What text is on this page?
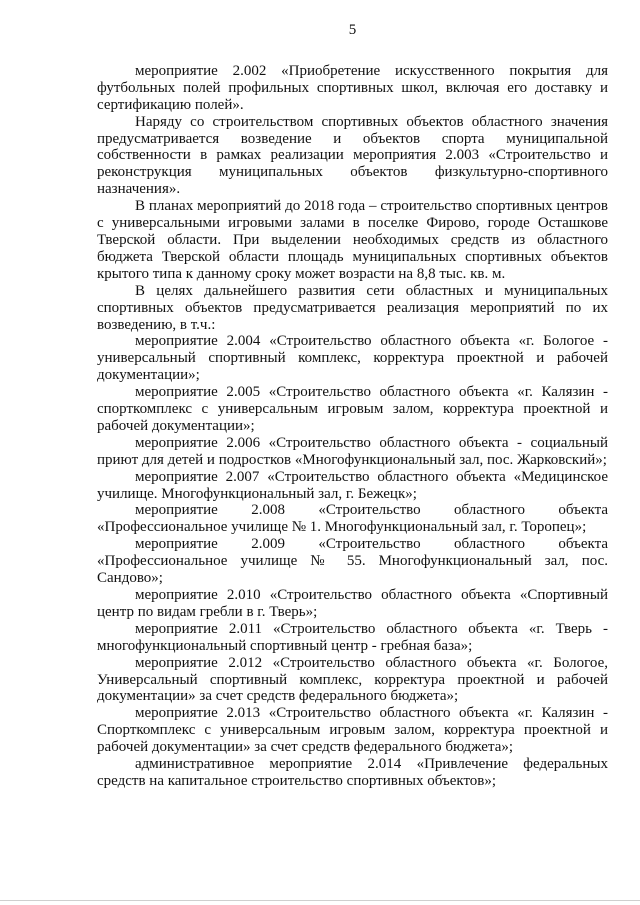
5

мероприятие 2.002 «Приобретение искусственного покрытия для футбольных полей профильных спортивных школ, включая его доставку и сертификацию полей».

Наряду со строительством спортивных объектов областного значения предусматривается возведение и объектов спорта муниципальной собственности в рамках реализации мероприятия 2.003 «Строительство и реконструкция муниципальных объектов физкультурно-спортивного назначения».

В планах мероприятий до 2018 года – строительство спортивных центров с универсальными игровыми залами в поселке Фирово, городе Осташкове Тверской области. При выделении необходимых средств из областного бюджета Тверской области площадь муниципальных спортивных объектов крытого типа к данному сроку может возрасти на 8,8 тыс. кв. м.

В целях дальнейшего развития сети областных и муниципальных спортивных объектов предусматривается реализация мероприятий по их возведению, в т.ч.:

мероприятие 2.004 «Строительство областного объекта «г. Бологое - универсальный спортивный комплекс, корректура проектной и рабочей документации»;

мероприятие 2.005 «Строительство областного объекта «г. Калязин - спорткомплекс с универсальным игровым залом, корректура проектной и рабочей документации»;

мероприятие 2.006 «Строительство областного объекта - социальный приют для детей и подростков «Многофункциональный зал, пос. Жарковский»;

мероприятие 2.007 «Строительство областного объекта «Медицинское училище. Многофункциональный зал, г. Бежецк»;

мероприятие 2.008 «Строительство областного объекта «Профессиональное училище № 1. Многофункциональный зал, г. Торопец»;

мероприятие 2.009 «Строительство областного объекта «Профессиональное училище № 55. Многофункциональный зал, пос. Сандово»;

мероприятие 2.010 «Строительство областного объекта «Спортивный центр по видам гребли в г. Тверь»;

мероприятие 2.011 «Строительство областного объекта «г. Тверь - многофункциональный спортивный центр - гребная база»;

мероприятие 2.012 «Строительство областного объекта «г. Бологое, Универсальный спортивный комплекс, корректура проектной и рабочей документации» за счет средств федерального бюджета»;

мероприятие 2.013 «Строительство областного объекта «г. Калязин - Спорткомплекс с универсальным игровым залом, корректура проектной и рабочей документации» за счет средств федерального бюджета»;

административное мероприятие 2.014 «Привлечение федеральных средств на капитальное строительство спортивных объектов»;
